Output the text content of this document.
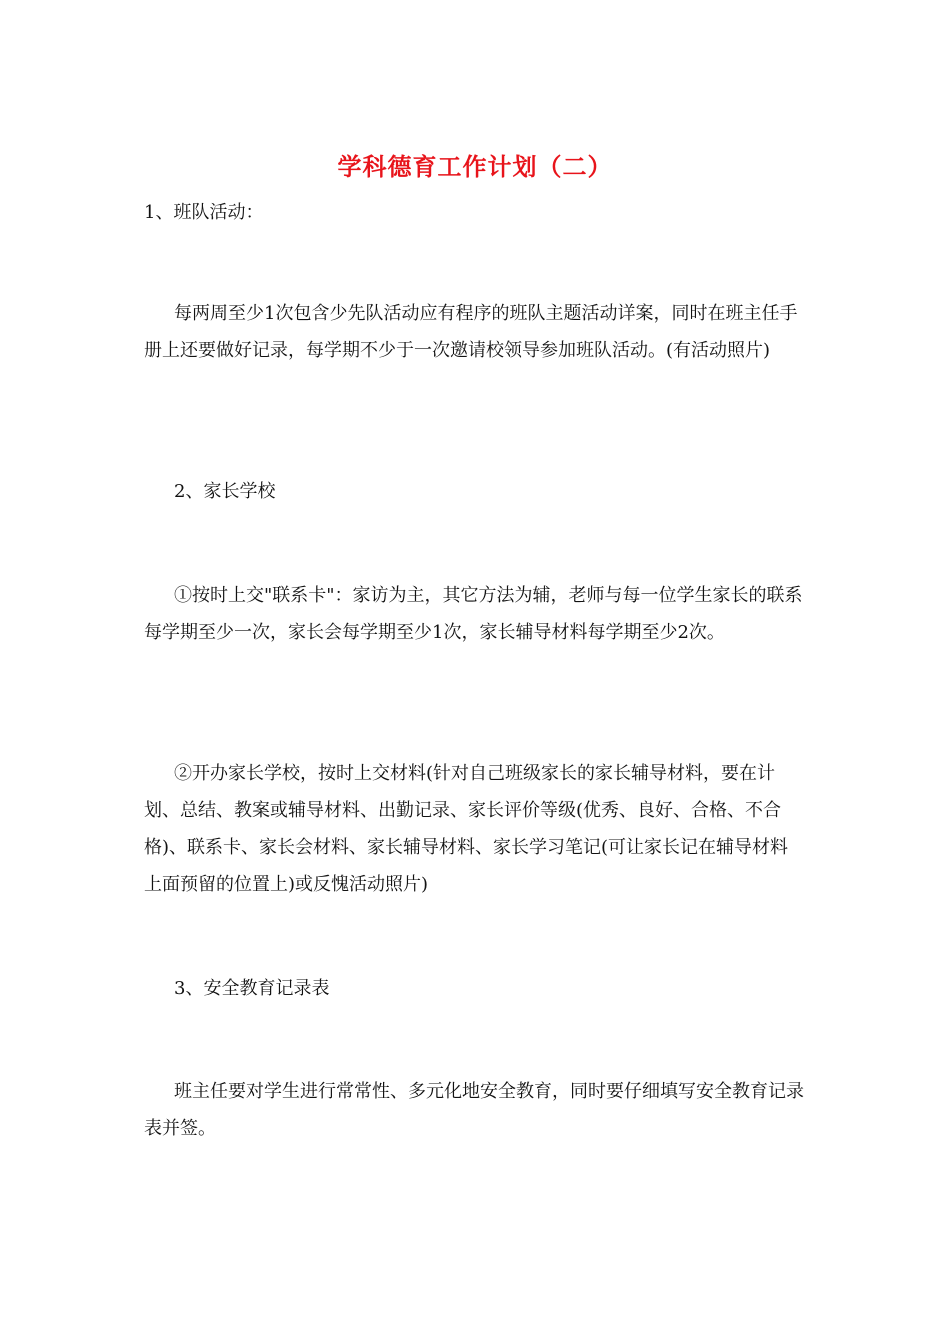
学科德育工作计划（二）

1、班队活动：

每两周至少1次包含少先队活动应有程序的班队主题活动详案，同时在班主任手册上还要做好记录，每学期不少于一次邀请校领导参加班队活动。(有活动照片)

2、家长学校

①按时上交"联系卡"：家访为主，其它方法为辅，老师与每一位学生家长的联系每学期至少一次，家长会每学期至少1次，家长辅导材料每学期至少2次。

②开办家长学校，按时上交材料(针对自己班级家长的家长辅导材料，要在计划、总结、教案或辅导材料、出勤记录、家长评价等级(优秀、良好、合格、不合格)、联系卡、家长会材料、家长辅导材料、家长学习笔记(可让家长记在辅导材料上面预留的位置上)或反愧活动照片)

3、安全教育记录表

班主任要对学生进行常常性、多元化地安全教育，同时要仔细填写安全教育记录表并签。
